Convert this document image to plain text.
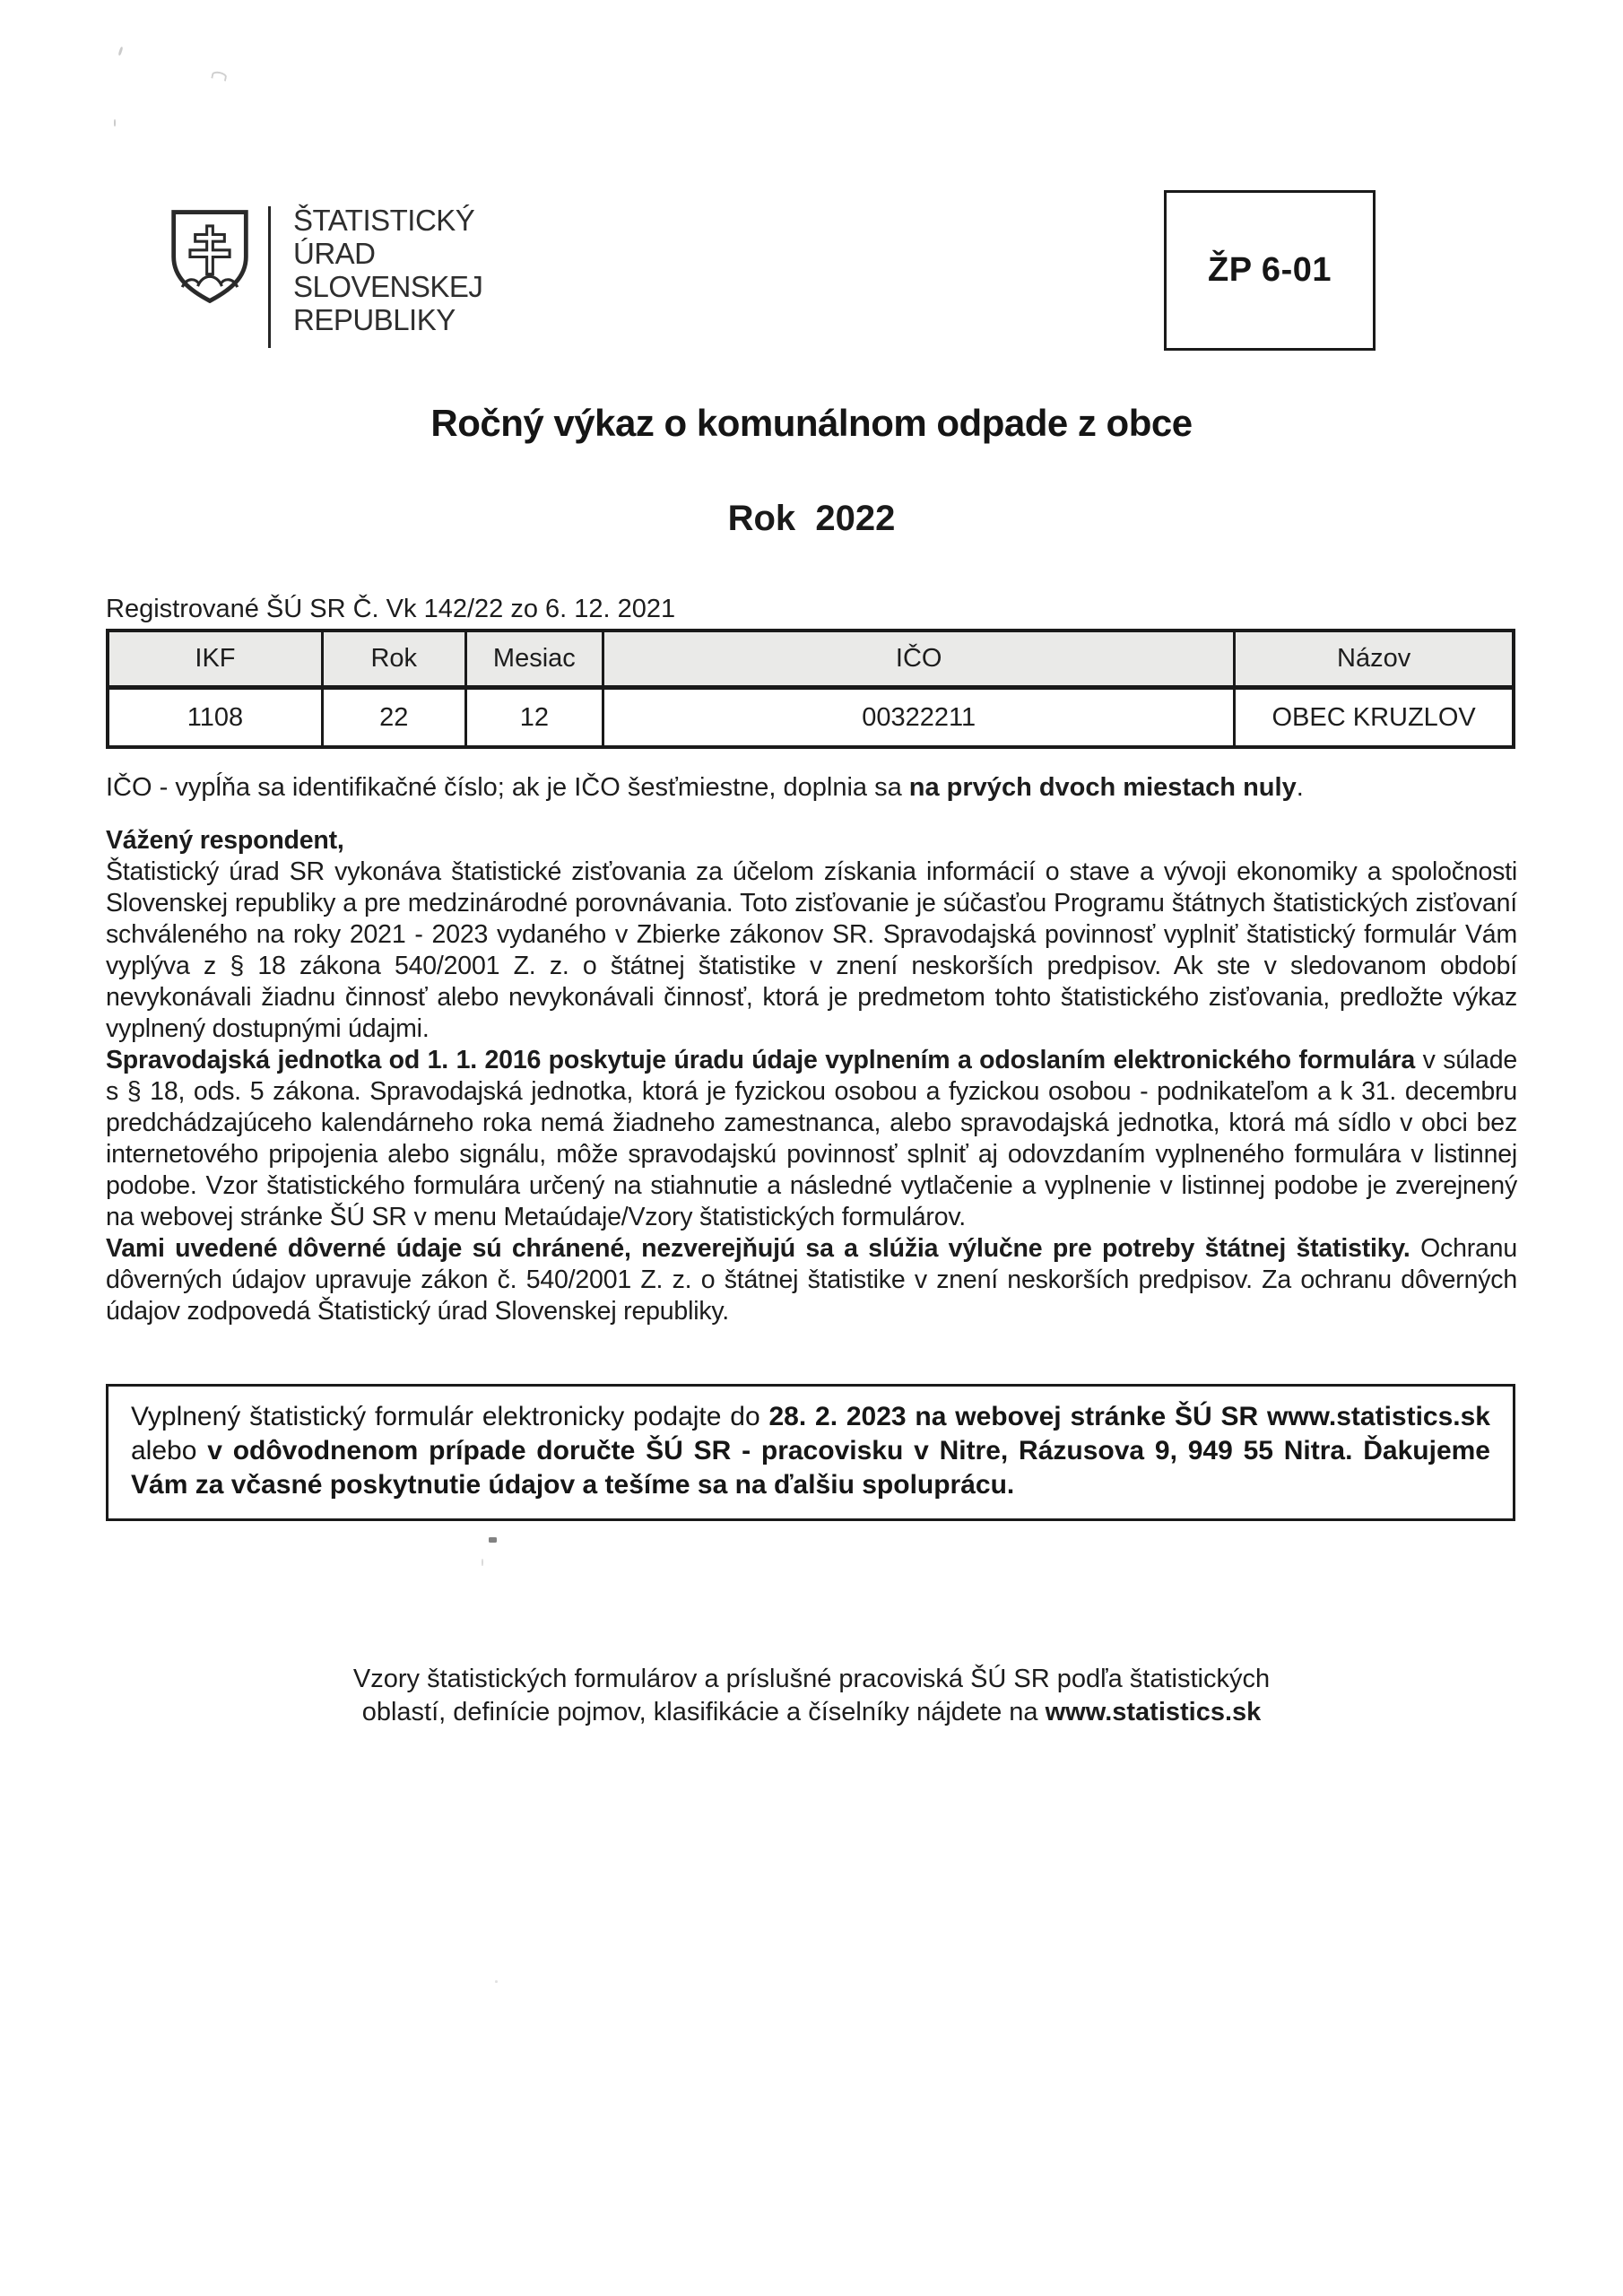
ŠTATISTICKÝ
ÚRAD
SLOVENSKEJ
REPUBLIKY
ŽP 6-01
Ročný výkaz o komunálnom odpade z obce
Rok  2022
Registrované ŠÚ SR Č. Vk 142/22 zo 6. 12. 2021
IKF	Rok	Mesiac	IČO	Názov
1108	22	12	00322211	OBEC KRUZLOV
IČO - vypĺňa sa identifikačné číslo; ak je IČO šesťmiestne, doplnia sa na prvých dvoch miestach nuly.

Vážený respondent,

Štatistický úrad SR vykonáva štatistické zisťovania za účelom získania informácií o stave a vývoji ekonomiky a spoločnosti Slovenskej republiky a pre medzinárodné porovnávania. Toto zisťovanie je súčasťou Programu štátnych štatistických zisťovaní schváleného na roky 2021 - 2023 vydaného v Zbierke zákonov SR. Spravodajská povinnosť vyplniť štatistický formulár Vám vyplýva z § 18 zákona 540/2001 Z. z. o štátnej štatistike v znení neskorších predpisov. Ak ste v sledovanom období nevykonávali žiadnu činnosť alebo nevykonávali činnosť, ktorá je predmetom tohto štatistického zisťovania, predložte výkaz vyplnený dostupnými údajmi.

Spravodajská jednotka od 1. 1. 2016 poskytuje úradu údaje vyplnením a odoslaním elektronického formulára v súlade s § 18, ods. 5 zákona. Spravodajská jednotka, ktorá je fyzickou osobou a fyzickou osobou - podnikateľom a k 31. decembru predchádzajúceho kalendárneho roka nemá žiadneho zamestnanca, alebo spravodajská jednotka, ktorá má sídlo v obci bez internetového pripojenia alebo signálu, môže spravodajskú povinnosť splniť aj odovzdaním vyplneného formulára v listinnej podobe. Vzor štatistického formulára určený na stiahnutie a následné vytlačenie a vyplnenie v listinnej podobe je zverejnený na webovej stránke ŠÚ SR v menu Metaúdaje/Vzory štatistických formulárov.

Vami uvedené dôverné údaje sú chránené, nezverejňujú sa a slúžia výlučne pre potreby štátnej štatistiky. Ochranu dôverných údajov upravuje zákon č. 540/2001 Z. z. o štátnej štatistike v znení neskorších predpisov. Za ochranu dôverných údajov zodpovedá Štatistický úrad Slovenskej republiky.

Vyplnený štatistický formulár elektronicky podajte do 28. 2. 2023 na webovej stránke ŠÚ SR www.statistics.sk alebo v odôvodnenom prípade doručte ŠÚ SR - pracovisku v Nitre, Rázusova 9, 949 55 Nitra. Ďakujeme Vám za včasné poskytnutie údajov a tešíme sa na ďalšiu spoluprácu.
Vzory štatistických formulárov a príslušné pracoviská ŠÚ SR podľa štatistických oblastí, definície pojmov, klasifikácie a číselníky nájdete na www.statistics.sk
